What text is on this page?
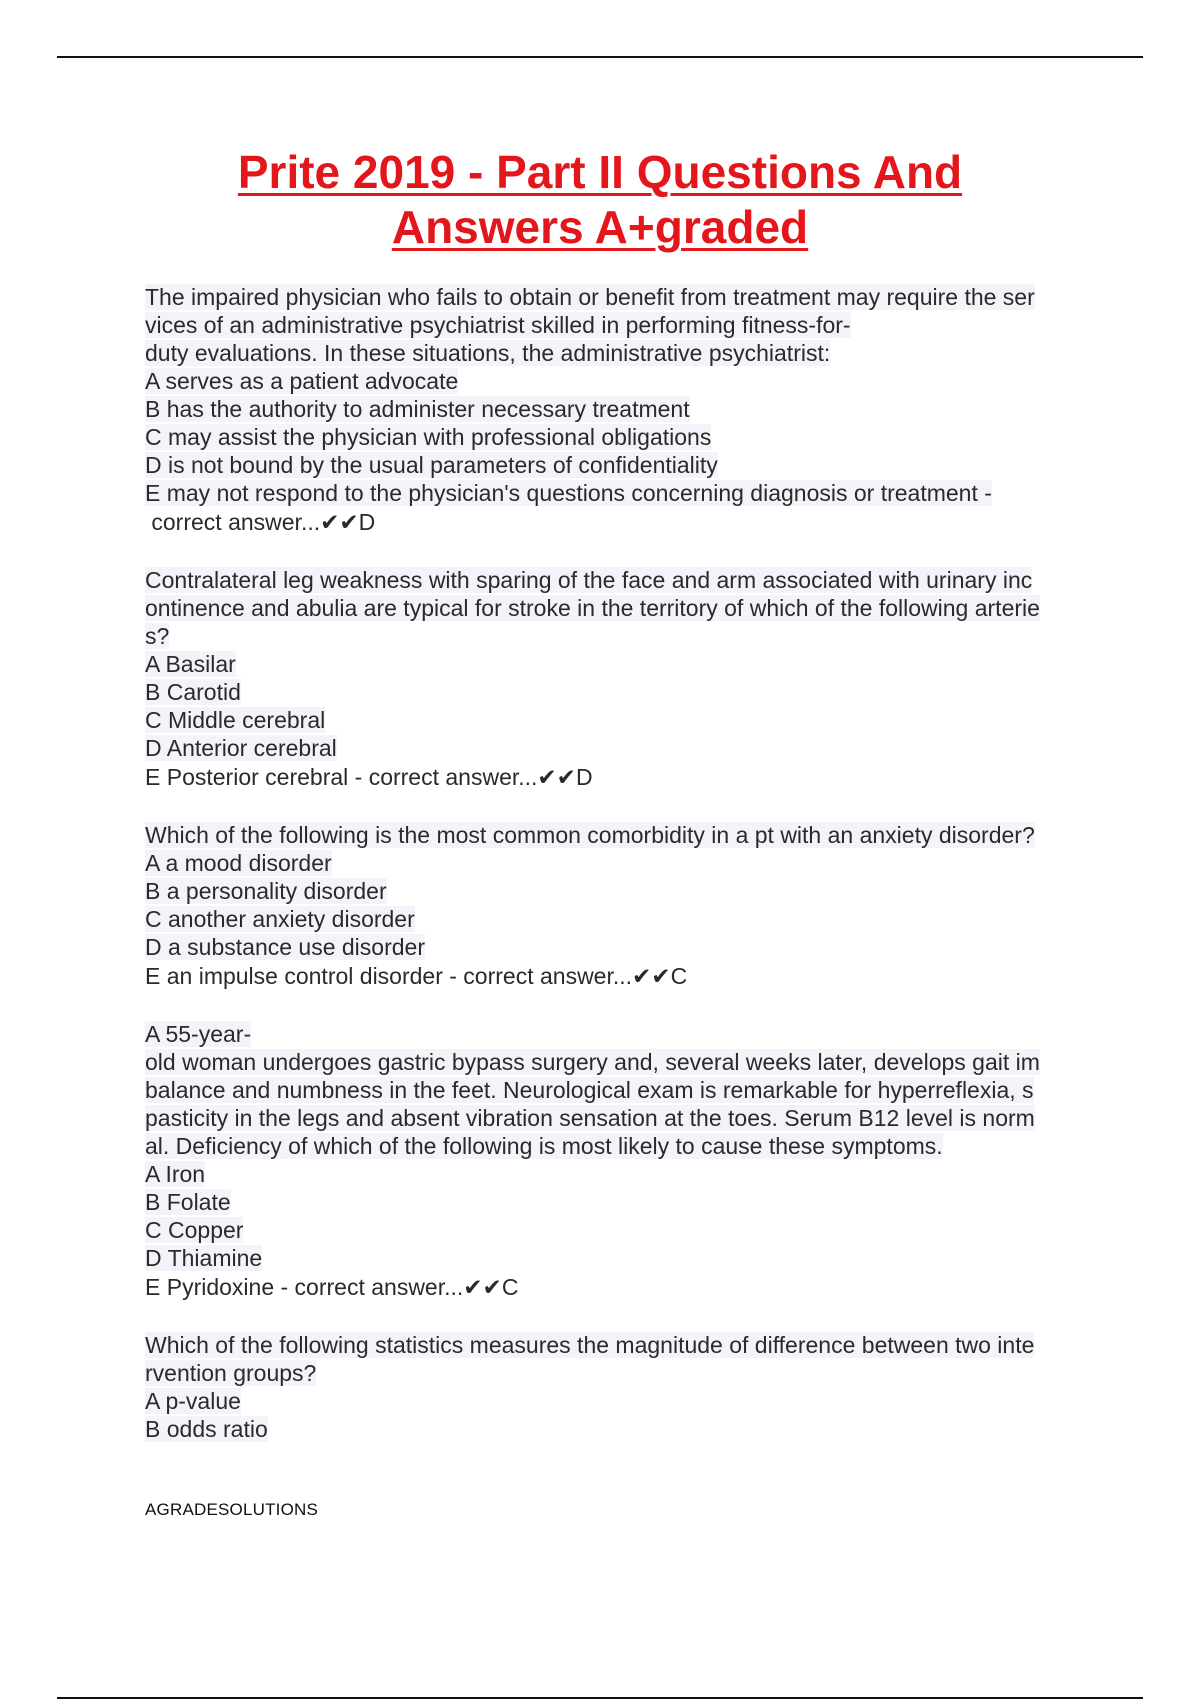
Prite 2019 - Part II Questions And
Answers A+graded
The impaired physician who fails to obtain or benefit from treatment may require the ser
vices of an administrative psychiatrist skilled in performing fitness-for-
duty evaluations. In these situations, the administrative psychiatrist:
A serves as a patient advocate
B has the authority to administer necessary treatment
C may assist the physician with professional obligations
D is not bound by the usual parameters of confidentiality
E may not respond to the physician's questions concerning diagnosis or treatment -
correct answer...✔✔D
Contralateral leg weakness with sparing of the face and arm associated with urinary inc
ontinence and abulia are typical for stroke in the territory of which of the following arterie
s?
A Basilar
B Carotid
C Middle cerebral
D Anterior cerebral
E Posterior cerebral - correct answer...✔✔D
Which of the following is the most common comorbidity in a pt with an anxiety disorder?
A a mood disorder
B a personality disorder
C another anxiety disorder
D a substance use disorder
E an impulse control disorder - correct answer...✔✔C
A 55-year-
old woman undergoes gastric bypass surgery and, several weeks later, develops gait im
balance and numbness in the feet. Neurological exam is remarkable for hyperreflexia, s
pasticity in the legs and absent vibration sensation at the toes. Serum B12 level is norm
al. Deficiency of which of the following is most likely to cause these symptoms.
A Iron
B Folate
C Copper
D Thiamine
E Pyridoxine - correct answer...✔✔C
Which of the following statistics measures the magnitude of difference between two inte
rvention groups?
A p-value
B odds ratio
AGRADESOLUTIONS
